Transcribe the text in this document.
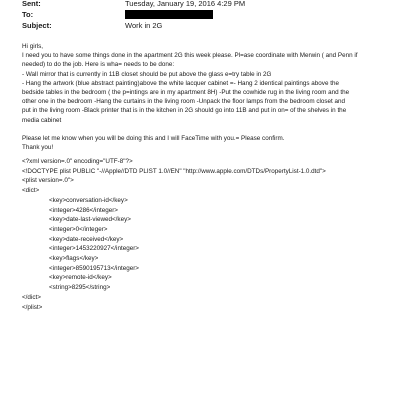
Sent:	Tuesday, January 19, 2016 4:29 PM
To:
Subject:	Work in 2G

Hi girls,

I need you to have some things done in the apartment 2G this week please. Pl=ase coordinate with Merwin ( and Penn if

needed) to do the job. Here is wha= needs to be done:

- Wall mirror that is currently in 11B closet should be put above the glass e=try table in 2G

- Hang the artwork (blue abstract painting)above the white lacquer cabinet =- Hang 2 identical paintings above the

bedside tables in the bedroom ( the p=intings are in my apartment 8H) -Put the cowhide rug in the living room and the

other one in the bedroom -Hang the curtains in the living room -Unpack the floor lamps from the bedroom closet and

put in the living room -Black printer that is in the kitchen in 2G should go into 11B and put in on= of the shelves in the

media cabinet

Please let me know when you will be doing this and I will FaceTime with you.= Please confirm.

Thank you!

<?xml version=.0" encoding="UTF-8"?>
<!DOCTYPE plist PUBLIC "-//Apple//DTD PLIST 1.0//EN" "http://www.apple.com/DTDs/PropertyList-1.0.dtd">
<plist version=.0">
<dict>
<key>conversation-id</key>
<integer>4286</integer>
<key>date-last-viewed</key>
<integer>0</integer>
<key>date-received</key>
<integer>1453220927</integer>
<key>flags</key>
<integer>8590195713</integer>
<key>remote-id</key>
<string>8295</string>
</dict>
</plist>
